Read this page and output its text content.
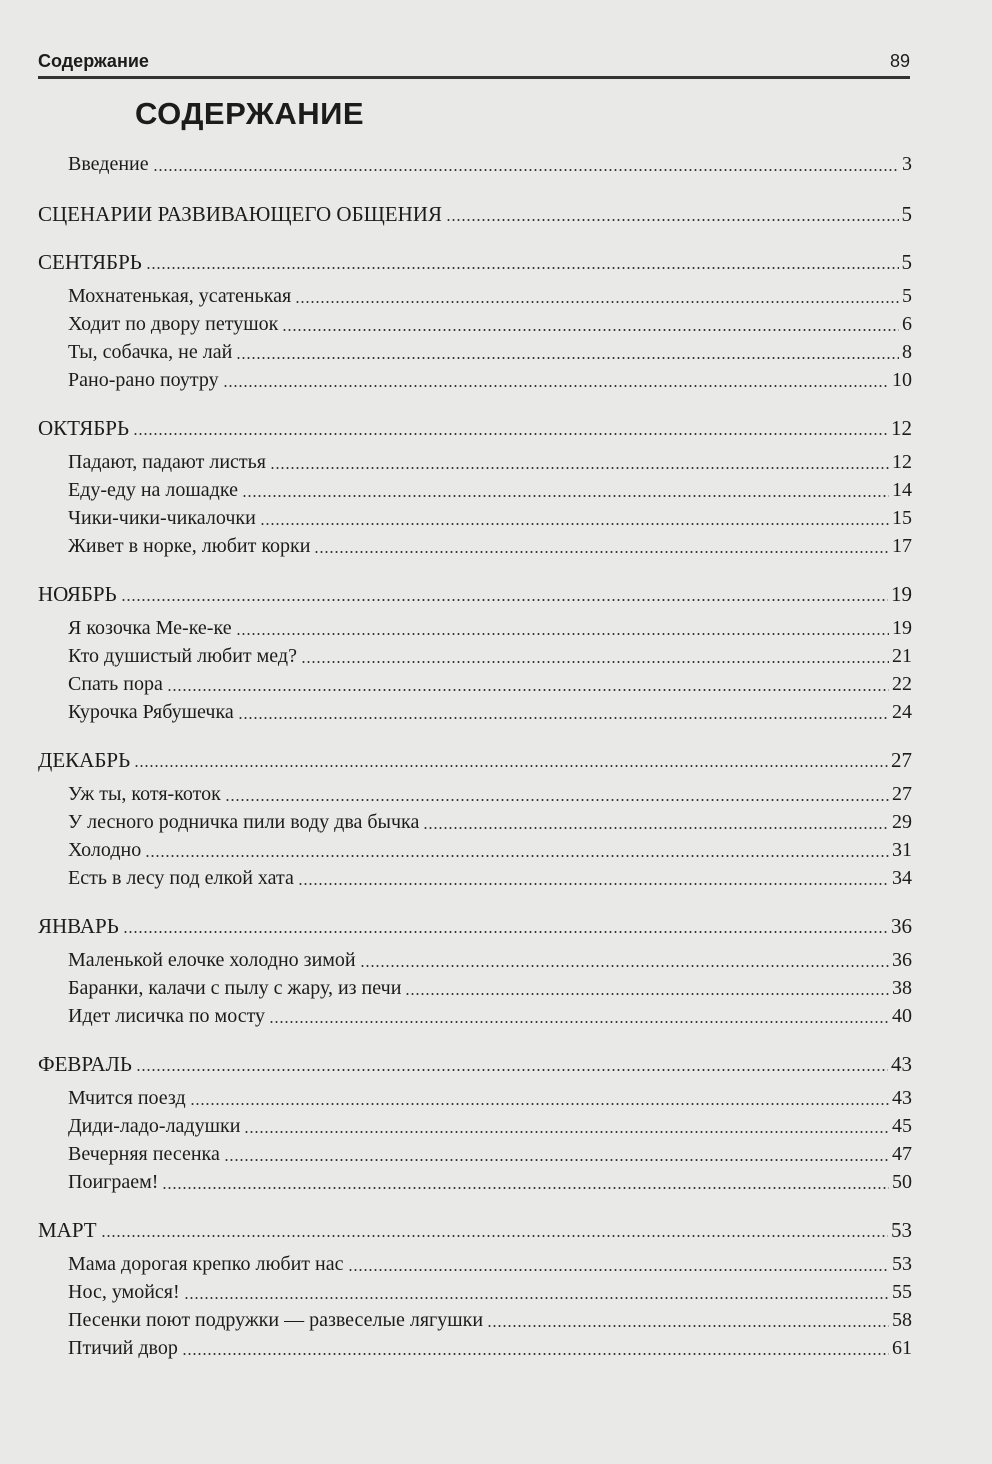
Содержание	89
СОДЕРЖАНИЕ
Введение	3
СЦЕНАРИИ РАЗВИВАЮЩЕГО ОБЩЕНИЯ	5
СЕНТЯБРЬ	5
Мохнатенькая, усатенькая	5
Ходит по двору петушок	6
Ты, собачка, не лай	8
Рано-рано поутру	10
ОКТЯБРЬ	12
Падают, падают листья	12
Еду-еду на лошадке	14
Чики-чики-чикалочки	15
Живет в норке, любит корки	17
НОЯБРЬ	19
Я козочка Ме-ке-ке	19
Кто душистый любит мед?	21
Спать пора	22
Курочка Рябушечка	24
ДЕКАБРЬ	27
Уж ты, котя-коток	27
У лесного родничка пили воду два бычка	29
Холодно	31
Есть в лесу под елкой хата	34
ЯНВАРЬ	36
Маленькой елочке холодно зимой	36
Баранки, калачи с пылу с жару, из печи	38
Идет лисичка по мосту	40
ФЕВРАЛЬ	43
Мчится поезд	43
Диди-ладо-ладушки	45
Вечерняя песенка	47
Поиграем!	50
МАРТ	53
Мама дорогая крепко любит нас	53
Нос, умойся!	55
Песенки поют подружки — развеселые лягушки	58
Птичий двор	61
